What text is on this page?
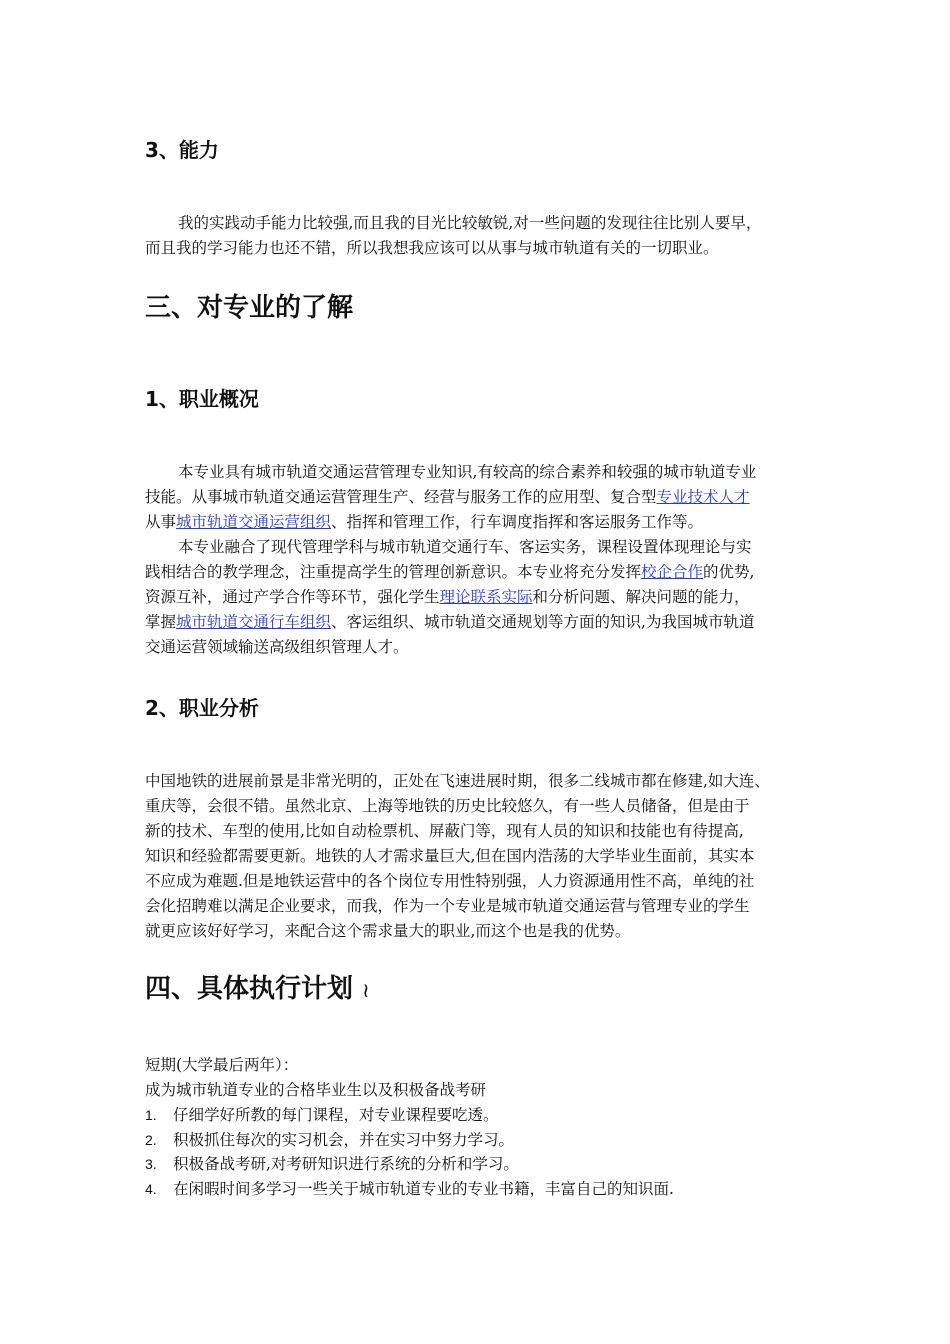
3、能力
我的实践动手能力比较强,而且我的目光比较敏锐,对一些问题的发现往往比别人要早，
而且我的学习能力也还不错，所以我想我应该可以从事与城市轨道有关的一切职业。
三、对专业的了解
1、职业概况
本专业具有城市轨道交通运营管理专业知识,有较高的综合素养和较强的城市轨道专业
技能。从事城市轨道交通运营管理生产、经营与服务工作的应用型、复合型专业技术人才
从事城市轨道交通运营组织、指挥和管理工作，行车调度指挥和客运服务工作等。
本专业融合了现代管理学科与城市轨道交通行车、客运实务，课程设置体现理论与实
践相结合的教学理念，注重提高学生的管理创新意识。本专业将充分发挥校企合作的优势,
资源互补，通过产学合作等环节，强化学生理论联系实际和分析问题、解决问题的能力，
掌握城市轨道交通行车组织、客运组织、城市轨道交通规划等方面的知识,为我国城市轨道
交通运营领域输送高级组织管理人才。
2、职业分析
中国地铁的进展前景是非常光明的，正处在飞速进展时期，很多二线城市都在修建,如大连、
重庆等，会很不错。虽然北京、上海等地铁的历史比较悠久，有一些人员储备，但是由于
新的技术、车型的使用,比如自动检票机、屏蔽门等，现有人员的知识和技能也有待提高,
知识和经验都需要更新。地铁的人才需求量巨大,但在国内浩荡的大学毕业生面前，其实本
不应成为难题.但是地铁运营中的各个岗位专用性特别强，人力资源通用性不高，单纯的社
会化招聘难以满足企业要求，而我，作为一个专业是城市轨道交通运营与管理专业的学生
就更应该好好学习，来配合这个需求量大的职业,而这个也是我的优势。
四、具体执行计划 ≀

短期(大学最后两年）：

成为城市轨道专业的合格毕业生以及积极备战考研

1. 仔细学好所教的每门课程，对专业课程要吃透。
2. 积极抓住每次的实习机会，并在实习中努力学习。
3. 积极备战考研,对考研知识进行系统的分析和学习。
4. 在闲暇时间多学习一些关于城市轨道专业的专业书籍，丰富自己的知识面.
